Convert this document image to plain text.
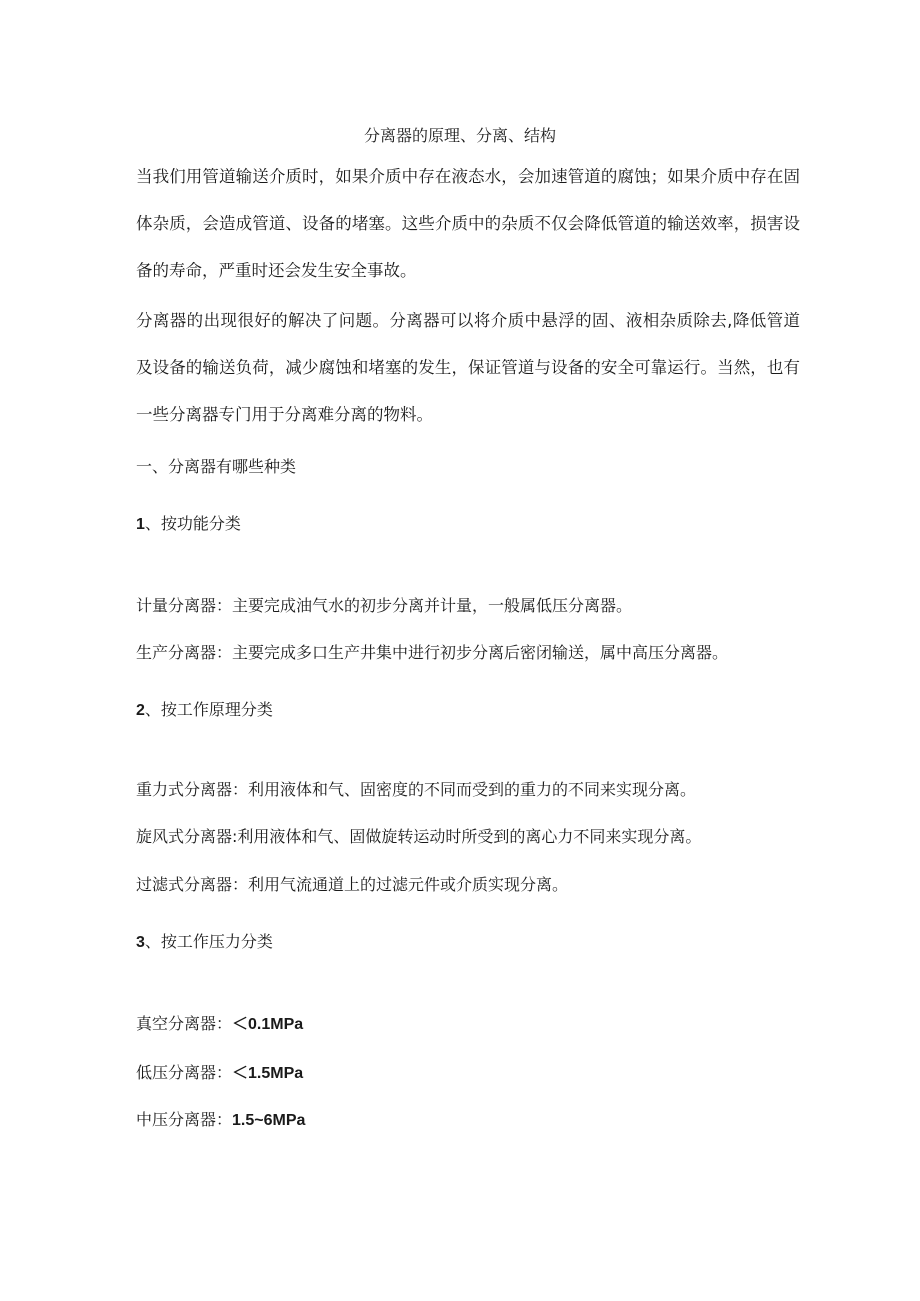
分离器的原理、分离、结构
当我们用管道输送介质时，如果介质中存在液态水，会加速管道的腐蚀；如果介质中存在固体杂质，会造成管道、设备的堵塞。这些介质中的杂质不仅会降低管道的输送效率，损害设备的寿命，严重时还会发生安全事故。
分离器的出现很好的解决了问题。分离器可以将介质中悬浮的固、液相杂质除去,降低管道及设备的输送负荷，减少腐蚀和堵塞的发生，保证管道与设备的安全可靠运行。当然，也有一些分离器专门用于分离难分离的物料。
一、分离器有哪些种类
1、按功能分类
计量分离器：主要完成油气水的初步分离并计量，一般属低压分离器。
生产分离器：主要完成多口生产井集中进行初步分离后密闭输送，属中高压分离器。
2、按工作原理分类
重力式分离器：利用液体和气、固密度的不同而受到的重力的不同来实现分离。
旋风式分离器:利用液体和气、固做旋转运动时所受到的离心力不同来实现分离。
过滤式分离器：利用气流通道上的过滤元件或介质实现分离。
3、按工作压力分类
真空分离器：＜0.1MPa
低压分离器：＜1.5MPa
中压分离器：1.5~6MPa
